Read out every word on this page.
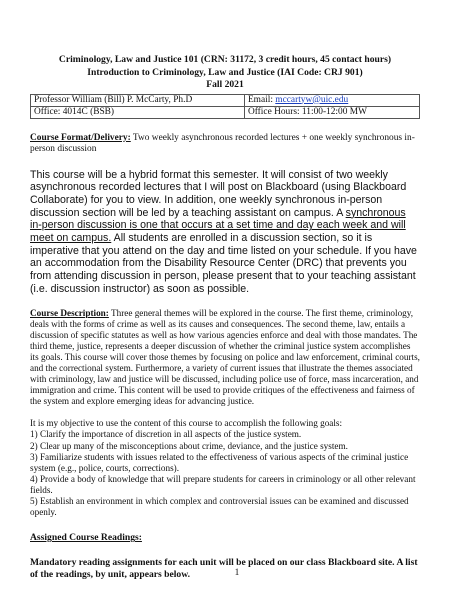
Criminology, Law and Justice 101 (CRN: 31172, 3 credit hours, 45 contact hours)
Introduction to Criminology, Law and Justice (IAI Code: CRJ 901)
Fall 2021
Professor William (Bill) P. McCarty, Ph.D	Email: mccartyw@uic.edu
Office: 4014C (BSB)	Office Hours: 11:00-12:00 MW

Course Format/Delivery: Two weekly asynchronous recorded lectures + one weekly synchronous in-person discussion

This course will be a hybrid format this semester. It will consist of two weekly asynchronous recorded lectures that I will post on Blackboard (using Blackboard Collaborate) for you to view. In addition, one weekly synchronous in-person discussion section will be led by a teaching assistant on campus. A synchronous in-person discussion is one that occurs at a set time and day each week and will meet on campus. All students are enrolled in a discussion section, so it is imperative that you attend on the day and time listed on your schedule. If you have an accommodation from the Disability Resource Center (DRC) that prevents you from attending discussion in person, please present that to your teaching assistant (i.e. discussion instructor) as soon as possible.

Course Description: Three general themes will be explored in the course. The first theme, criminology, deals with the forms of crime as well as its causes and consequences. The second theme, law, entails a discussion of specific statutes as well as how various agencies enforce and deal with those mandates. The third theme, justice, represents a deeper discussion of whether the criminal justice system accomplishes its goals. This course will cover those themes by focusing on police and law enforcement, criminal courts, and the correctional system. Furthermore, a variety of current issues that illustrate the themes associated with criminology, law and justice will be discussed, including police use of force, mass incarceration, and immigration and crime. This content will be used to provide critiques of the effectiveness and fairness of the system and explore emerging ideas for advancing justice.

It is my objective to use the content of this course to accomplish the following goals:
1) Clarify the importance of discretion in all aspects of the justice system.
2) Clear up many of the misconceptions about crime, deviance, and the justice system.
3) Familiarize students with issues related to the effectiveness of various aspects of the criminal justice system (e.g., police, courts, corrections).
4) Provide a body of knowledge that will prepare students for careers in criminology or all other relevant fields.
5) Establish an environment in which complex and controversial issues can be examined and discussed openly.
Assigned Course Readings:

Mandatory reading assignments for each unit will be placed on our class Blackboard site. A list of the readings, by unit, appears below.	1
